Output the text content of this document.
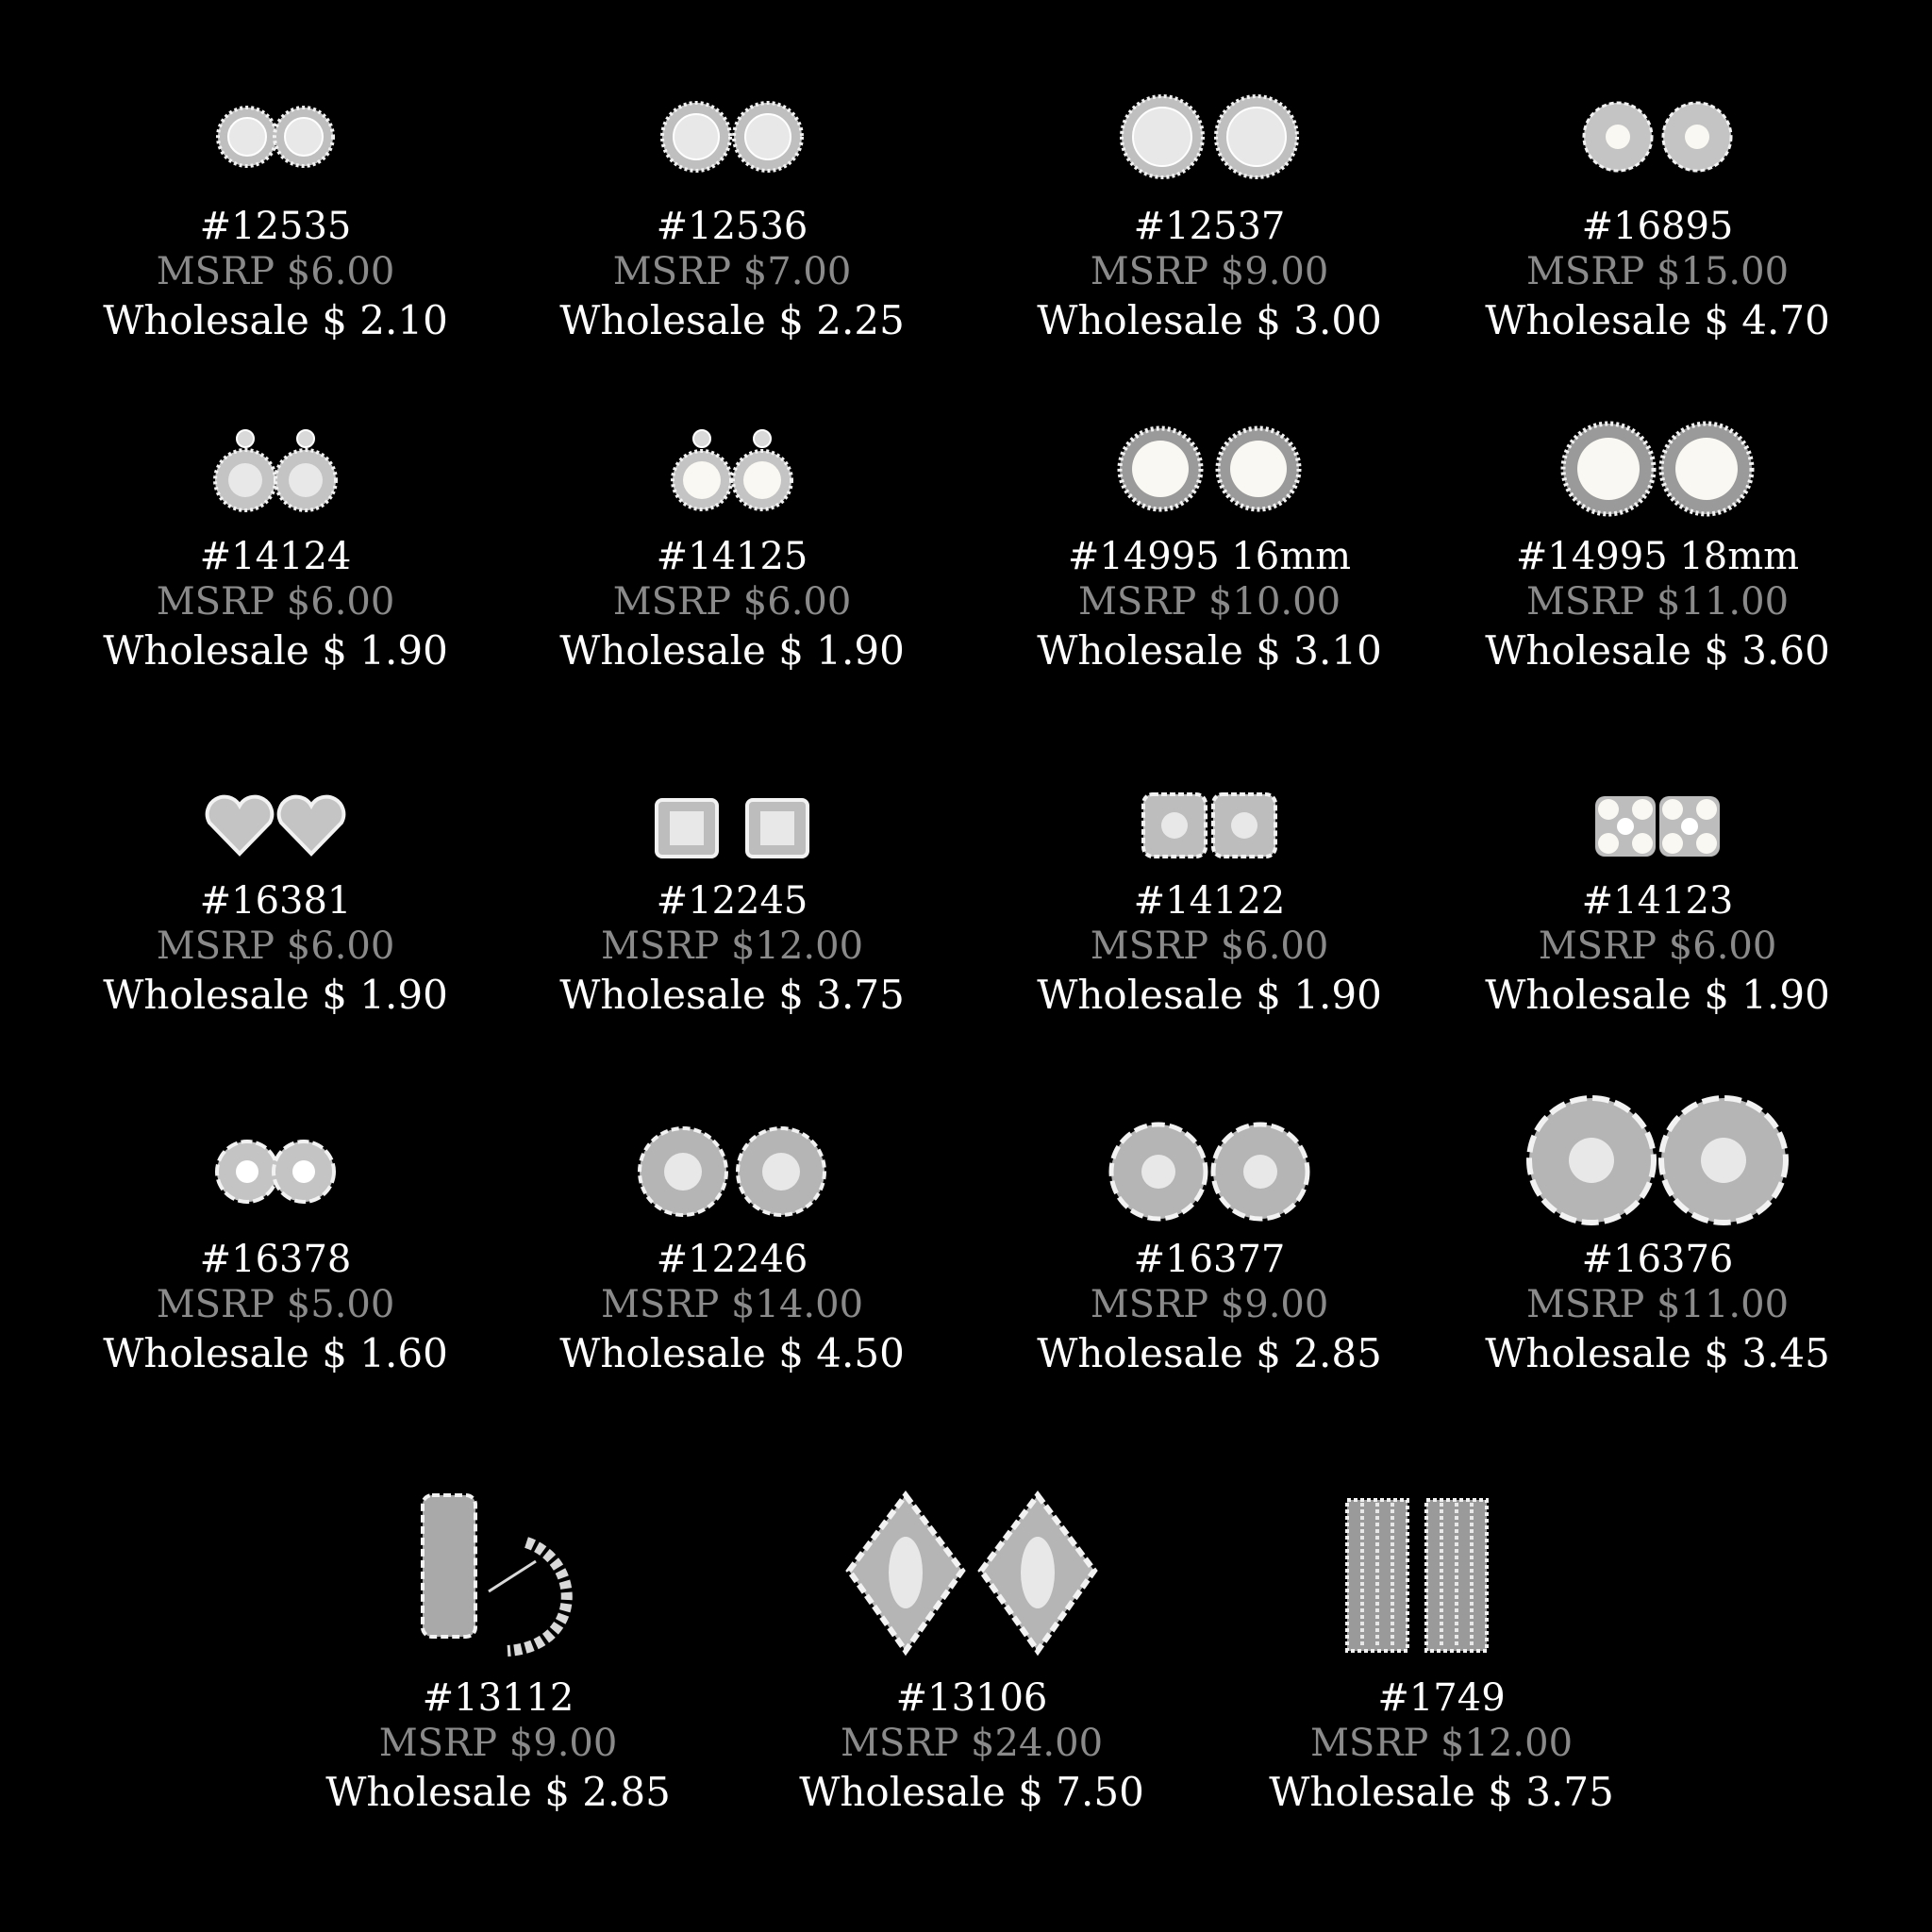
#12535
MSRP $6.00
Wholesale $ 2.10
#12536
MSRP $7.00
Wholesale $ 2.25
#12537
MSRP $9.00
Wholesale $ 3.00
#16895
MSRP $15.00
Wholesale $ 4.70
#14124
MSRP $6.00
Wholesale $ 1.90
#14125
MSRP $6.00
Wholesale $ 1.90
#14995 16mm
MSRP $10.00
Wholesale $ 3.10
#14995 18mm
MSRP $11.00
Wholesale $ 3.60
#16381
MSRP $6.00
Wholesale $ 1.90
#12245
MSRP $12.00
Wholesale $ 3.75
#14122
MSRP $6.00
Wholesale $ 1.90
#14123
MSRP $6.00
Wholesale $ 1.90
#16378
MSRP $5.00
Wholesale $ 1.60
#12246
MSRP $14.00
Wholesale $ 4.50
#16377
MSRP $9.00
Wholesale $ 2.85
#16376
MSRP $11.00
Wholesale $ 3.45
#13112
MSRP $9.00
Wholesale $ 2.85
#13106
MSRP $24.00
Wholesale $ 7.50
#1749
MSRP $12.00
Wholesale $ 3.75
